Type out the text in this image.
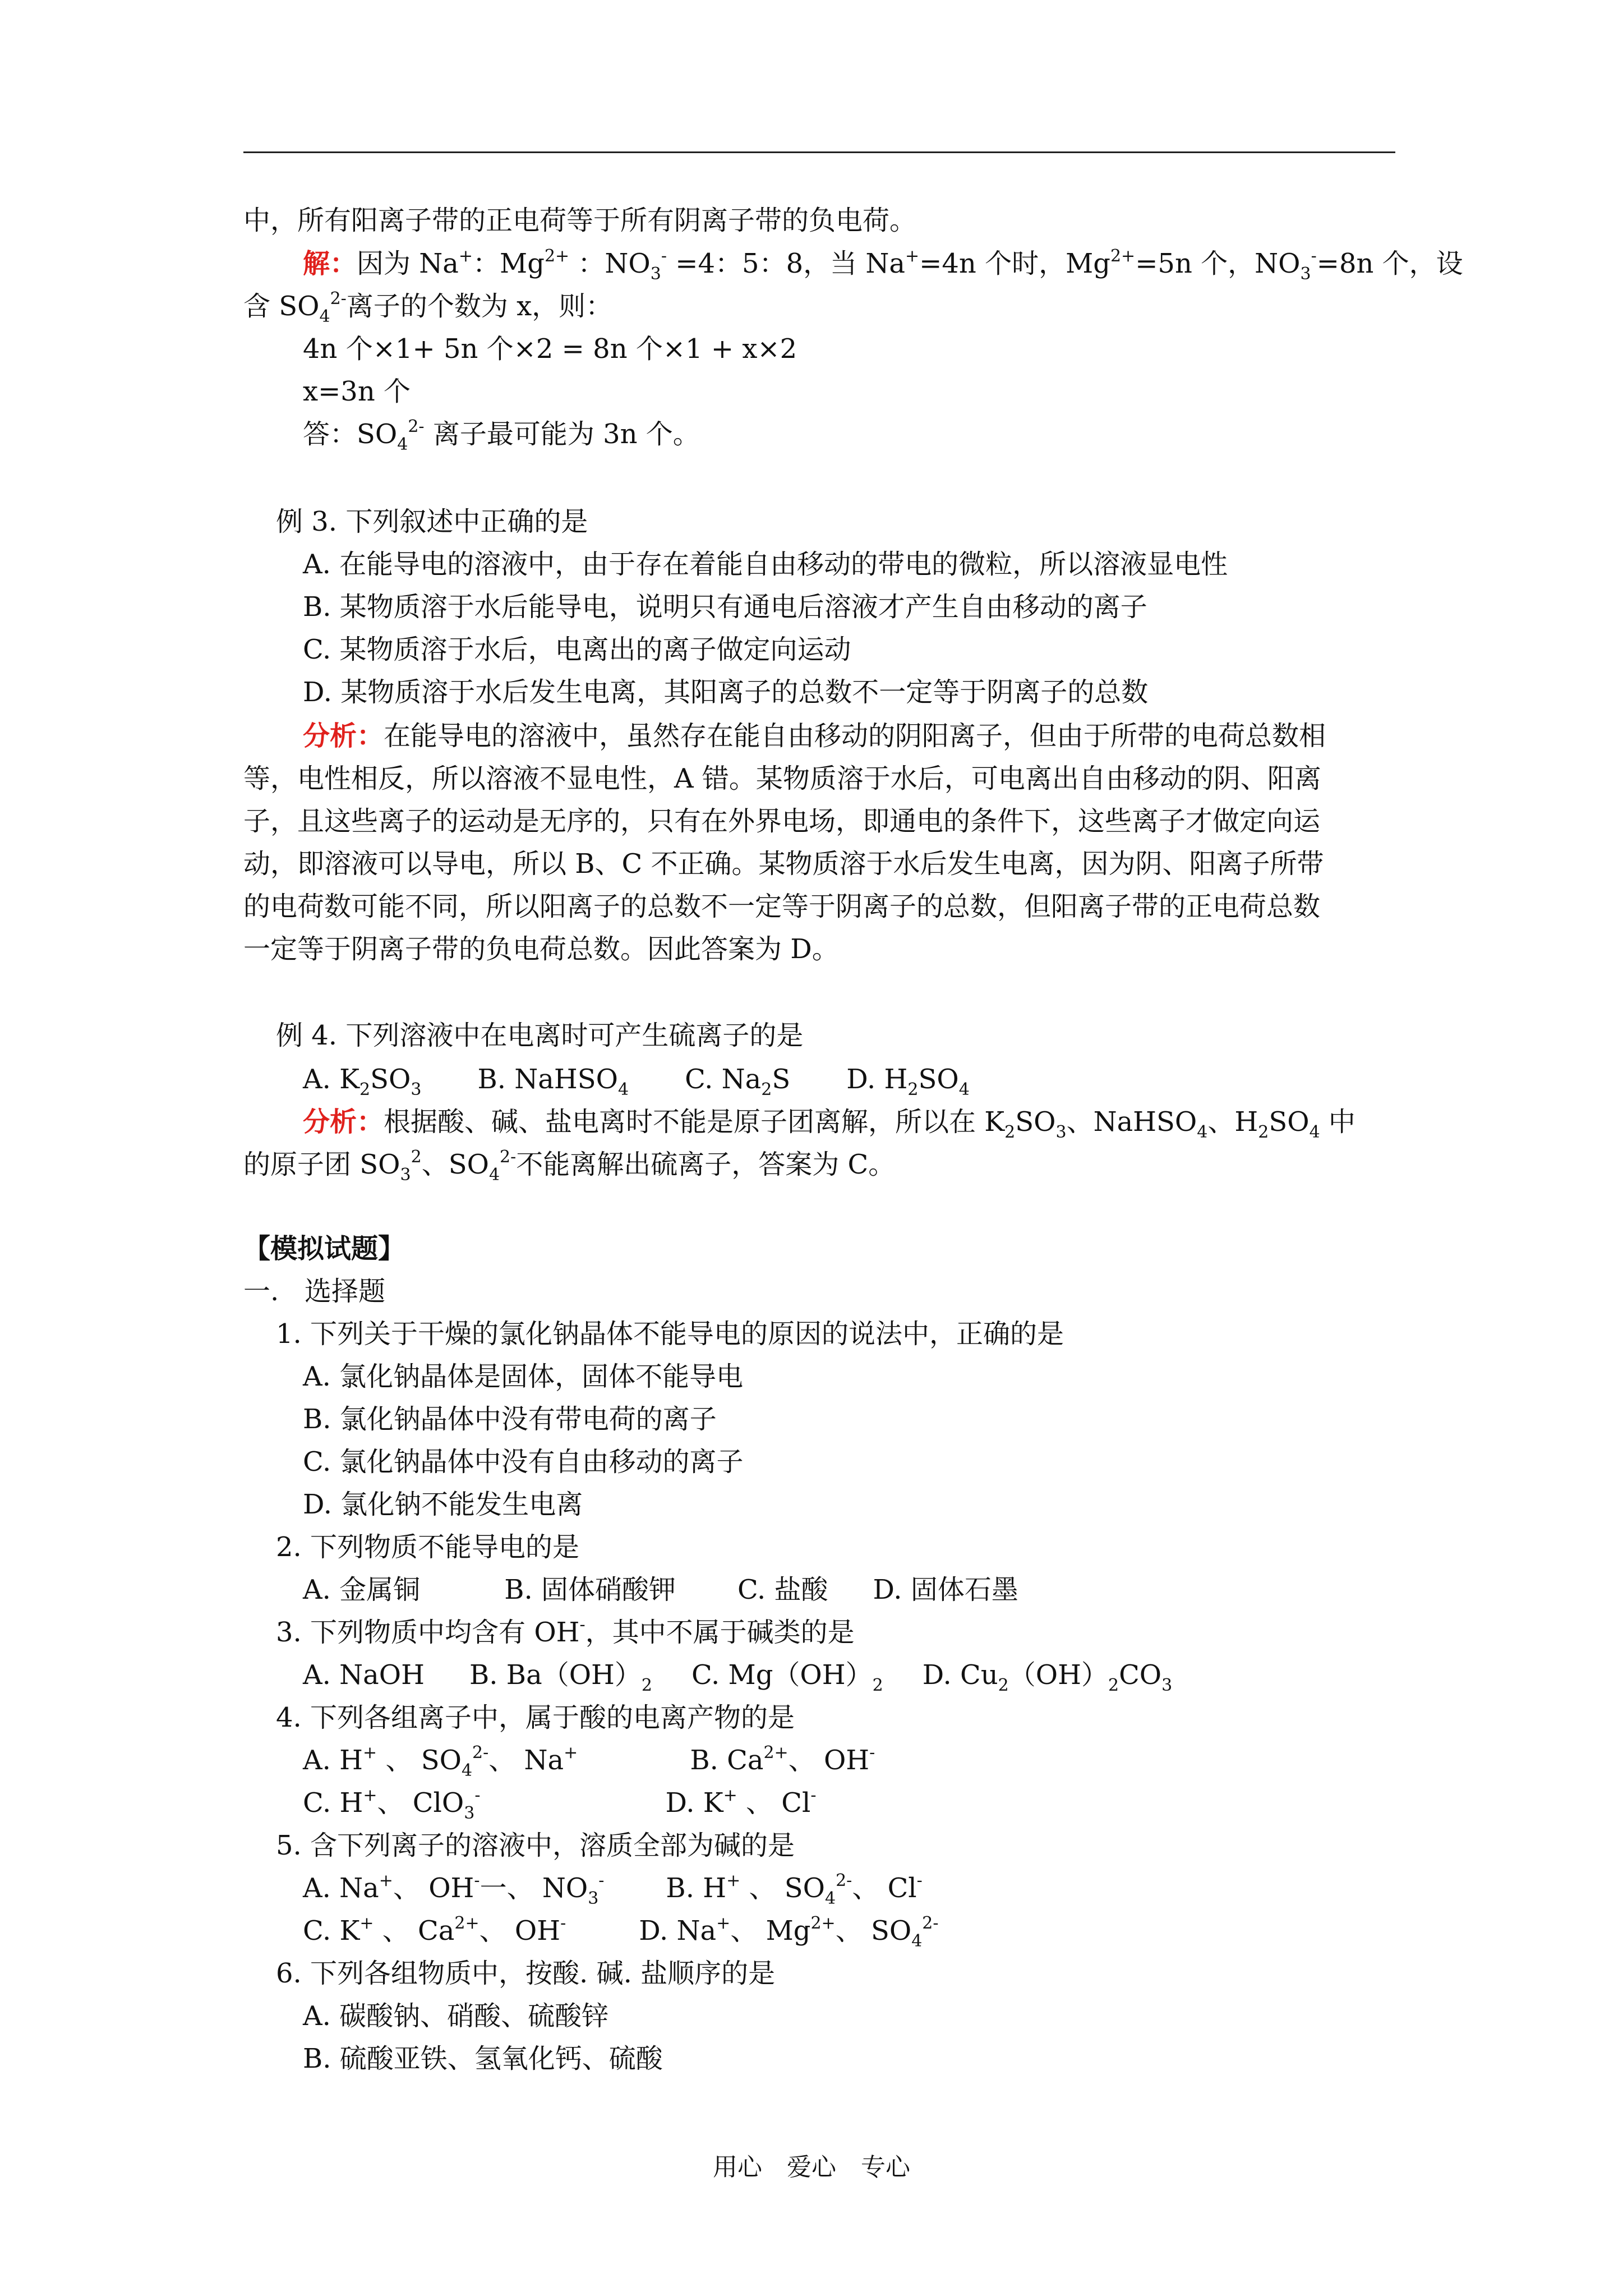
中，所有阳离子带的正电荷等于所有阴离子带的负电荷。
解：因为 Na+：$Mg^{2+}$ ：$NO_3^- =4$：5：8，当 Na+=4n 个时，$Mg^{2+}=5n$ 个，$NO_3^-=8n$ 个，设
含 $SO_4^{2-}$离子的个数为 x，则：
4n 个×1+ 5n 个×2 = 8n 个×1 + x×2
x=3n 个
答：$SO_4^{2-}$ 离子最可能为 3n 个。
例 3. 下列叙述中正确的是
A. 在能导电的溶液中，由于存在着能自由移动的带电的微粒，所以溶液显电性
B. 某物质溶于水后能导电，说明只有通电后溶液才产生自由移动的离子
C. 某物质溶于水后，电离出的离子做定向运动
D. 某物质溶于水后发生电离，其阳离子的总数不一定等于阴离子的总数
分析：在能导电的溶液中，虽然存在能自由移动的阴阳离子，但由于所带的电荷总数相
等，电性相反，所以溶液不显电性，A 错。某物质溶于水后，可电离出自由移动的阴、阳离
子，且这些离子的运动是无序的，只有在外界电场，即通电的条件下，这些离子才做定向运
动，即溶液可以导电，所以 B、C 不正确。某物质溶于水后发生电离，因为阴、阳离子所带
的电荷数可能不同，所以阳离子的总数不一定等于阴离子的总数，但阳离子带的正电荷总数
一定等于阴离子带的负电荷总数。因此答案为 D。
例 4. 下列溶液中在电离时可产生硫离子的是
A. $K_2SO_3$ B. NaHSO$_4$ C. $Na_2S$ D. $H_2SO_4$
分析：根据酸、碱、盐电离时不能是原子团离解，所以在 $K_2SO_3$、NaHSO$_4$、$H_2SO_4$ 中
的原子团 $SO_3^2$、$SO_4^{2-}$不能离解出硫离子，答案为 C。
【模拟试题】
一.   选择题
1. 下列关于干燥的氯化钠晶体不能导电的原因的说法中，正确的是
A. 氯化钠晶体是固体，固体不能导电
B. 氯化钠晶体中没有带电荷的离子
C. 氯化钠晶体中没有自由移动的离子
D. 氯化钠不能发生电离
2. 下列物质不能导电的是
A. 金属铜	B. 固体硝酸钾 C. 盐酸 D. 固体石墨
3. 下列物质中均含有 OH-，其中不属于碱类的是
A. NaOH B. $Ba(OH)_2$ C. $Mg(OH)_2$ D. $Cu_2(OH)_2CO_3$
4. 下列各组离子中，属于酸的电离产物的是
A. H+ 、 $SO_4^{2-}$、 Na+	B. $Ca^{2+}$、 OH-
C. H+、 ClO$_3$-	D. K+ 、 Cl-
5. 含下列离子的溶液中，溶质全部为碱的是
A. Na+、 OH-一、 $NO_3^-$ B. H+ 、 $SO_4^{2-}$、 Cl-
C. K+ 、 $Ca^{2+}$、 OH-	D. Na+、 $Mg^{2+}$、 $SO_4^{2-}$
6. 下列各组物质中，按酸. 碱. 盐顺序的是
A. 碳酸钠、硝酸、硫酸锌
B. 硫酸亚铁、氢氧化钙、硫酸
用心 爱心 专心
